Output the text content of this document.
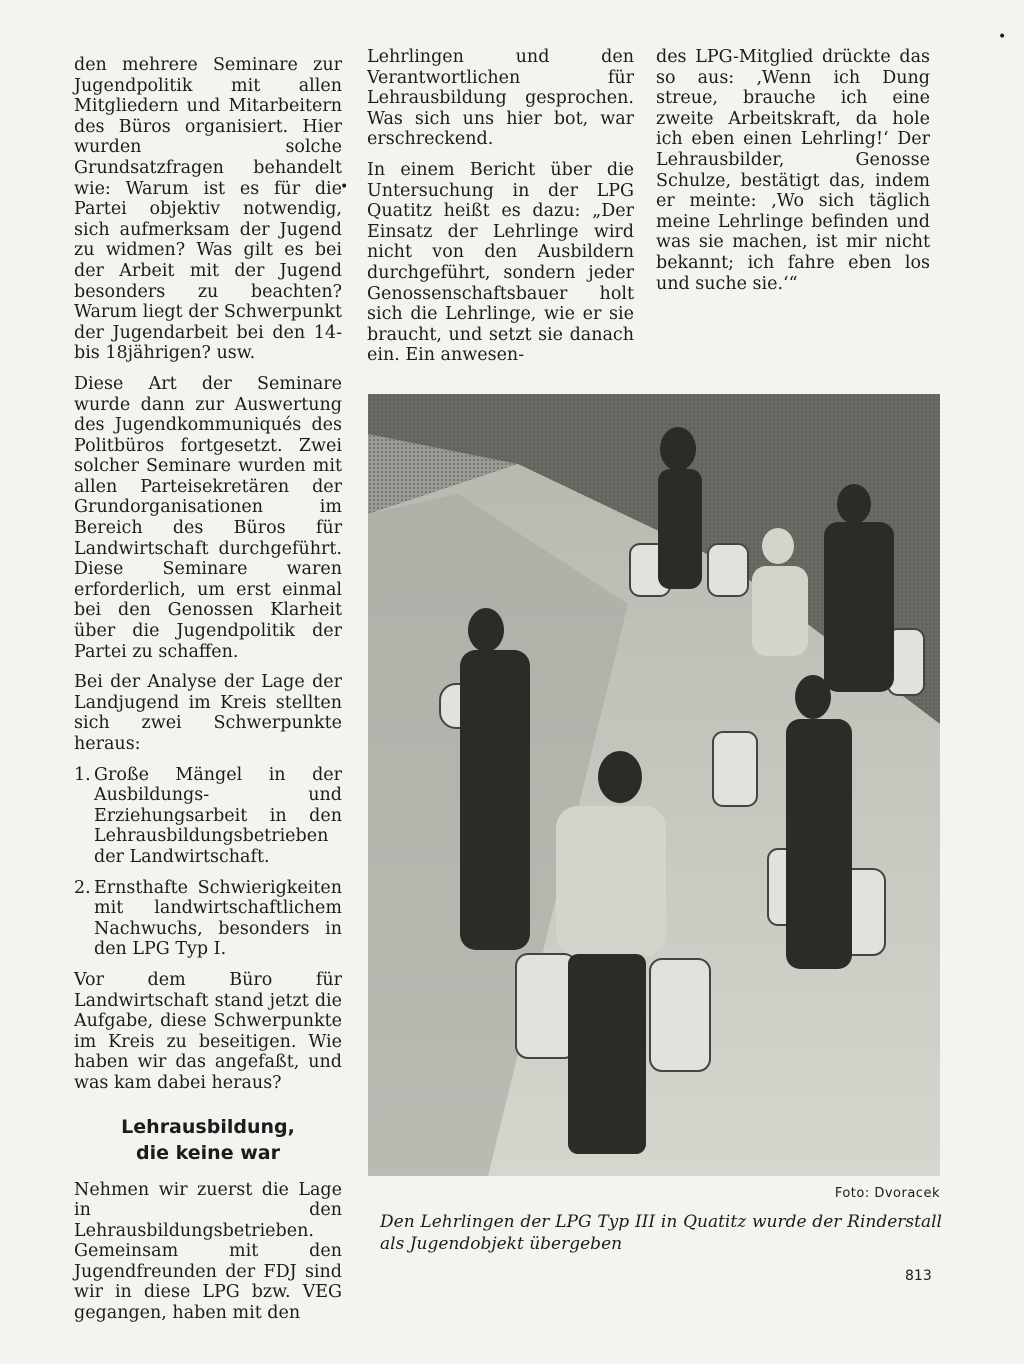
den mehrere Seminare zur Jugendpolitik mit allen Mitgliedern und Mitarbeitern des Büros organisiert. Hier wurden solche Grundsatzfragen behandelt wie: Warum ist es für die Partei objektiv notwendig, sich aufmerksam der Jugend zu widmen? Was gilt es bei der Arbeit mit der Jugend besonders zu beachten? Warum liegt der Schwerpunkt der Jugendarbeit bei den 14- bis 18jährigen? usw.

Diese Art der Seminare wurde dann zur Auswertung des Jugendkommuniqués des Politbüros fortgesetzt. Zwei solcher Seminare wurden mit allen Parteisekretären der Grundorganisationen im Bereich des Büros für Landwirtschaft durchgeführt. Diese Seminare waren erforderlich, um erst einmal bei den Genossen Klarheit über die Jugendpolitik der Partei zu schaffen.

Bei der Analyse der Lage der Landjugend im Kreis stellten sich zwei Schwerpunkte heraus:

1. Große Mängel in der Ausbildungs- und Erziehungsarbeit in den Lehrausbildungsbetrieben der Landwirtschaft.
2. Ernsthafte Schwierigkeiten mit landwirtschaftlichem Nachwuchs, besonders in den LPG Typ I.

Vor dem Büro für Landwirtschaft stand jetzt die Aufgabe, diese Schwerpunkte im Kreis zu beseitigen. Wie haben wir das angefaßt, und was kam dabei heraus?

Lehrausbildung,
die keine war

Nehmen wir zuerst die Lage in den Lehrausbildungsbetrieben. Gemeinsam mit den Jugendfreunden der FDJ sind wir in diese LPG bzw. VEG gegangen, haben mit den

Lehrlingen und den Verantwortlichen für Lehrausbildung gesprochen. Was sich uns hier bot, war erschreckend.

In einem Bericht über die Untersuchung in der LPG Quatitz heißt es dazu: „Der Einsatz der Lehrlinge wird nicht von den Ausbildern durchgeführt, sondern jeder Genossenschaftsbauer holt sich die Lehrlinge, wie er sie braucht, und setzt sie danach ein. Ein anwesen-

des LPG-Mitglied drückte das so aus: ‚Wenn ich Dung streue, brauche ich eine zweite Arbeitskraft, da hole ich eben einen Lehrling!‘ Der Lehrausbilder, Genosse Schulze, bestätigt das, indem er meinte: ‚Wo sich täglich meine Lehrlinge befinden und was sie machen, ist mir nicht bekannt; ich fahre eben los und suche sie.‘“

•
•
Foto: Dvoracek
Den Lehrlingen der LPG Typ III in Quatitz wurde der Rinderstall als Jugendobjekt übergeben
813
